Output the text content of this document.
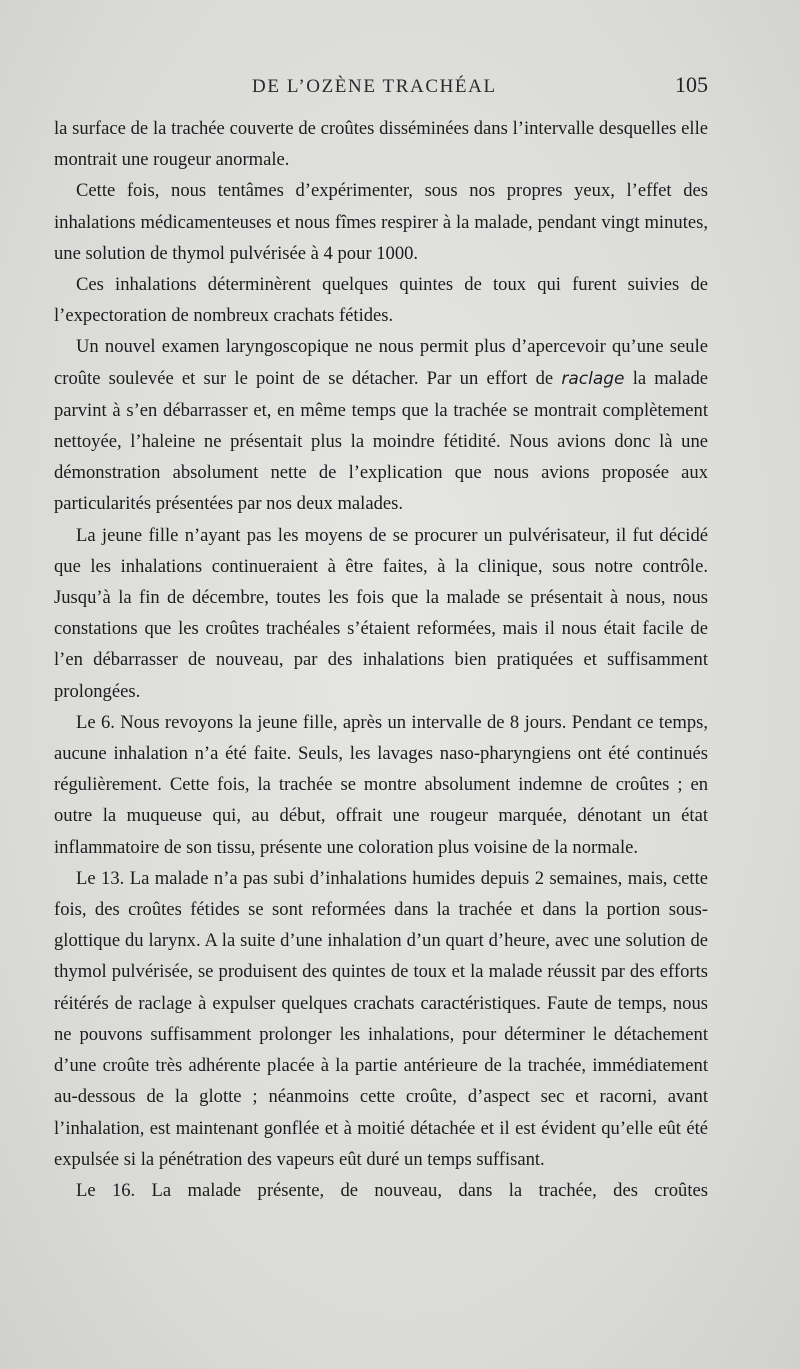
DE L’OZÈNE TRACHÉAL	105

la surface de la trachée couverte de croûtes disséminées dans l’intervalle desquelles elle montrait une rougeur anormale.

Cette fois, nous tentâmes d’expérimenter, sous nos propres yeux, l’effet des inhalations médicamenteuses et nous fîmes respirer à la malade, pendant vingt minutes, une solution de thymol pulvérisée à 4 pour 1000.

Ces inhalations déterminèrent quelques quintes de toux qui furent suivies de l’expectoration de nombreux crachats fétides.

Un nouvel examen laryngoscopique ne nous permit plus d’apercevoir qu’une seule croûte soulevée et sur le point de se détacher. Par un effort de raclage la malade parvint à s’en débarrasser et, en même temps que la trachée se montrait complètement nettoyée, l’haleine ne présentait plus la moindre fétidité. Nous avions donc là une démonstration absolument nette de l’explication que nous avions proposée aux particularités présentées par nos deux malades.

La jeune fille n’ayant pas les moyens de se procurer un pulvérisateur, il fut décidé que les inhalations continueraient à être faites, à la clinique, sous notre contrôle. Jusqu’à la fin de décembre, toutes les fois que la malade se présentait à nous, nous constations que les croûtes trachéales s’étaient reformées, mais il nous était facile de l’en débarrasser de nouveau, par des inhalations bien pratiquées et suffisamment prolongées.

Le 6. Nous revoyons la jeune fille, après un intervalle de 8 jours. Pendant ce temps, aucune inhalation n’a été faite. Seuls, les lavages naso-pharyngiens ont été continués régulièrement. Cette fois, la trachée se montre absolument indemne de croûtes ; en outre la muqueuse qui, au début, offrait une rougeur marquée, dénotant un état inflammatoire de son tissu, présente une coloration plus voisine de la normale.

Le 13. La malade n’a pas subi d’inhalations humides depuis 2 semaines, mais, cette fois, des croûtes fétides se sont reformées dans la trachée et dans la portion sous-glottique du larynx. A la suite d’une inhalation d’un quart d’heure, avec une solution de thymol pulvérisée, se produisent des quintes de toux et la malade réussit par des efforts réitérés de raclage à expulser quelques crachats caractéristiques. Faute de temps, nous ne pouvons suffisamment prolonger les inhalations, pour déterminer le détachement d’une croûte très adhérente placée à la partie antérieure de la trachée, immédiatement au-dessous de la glotte ; néanmoins cette croûte, d’aspect sec et racorni, avant l’inhalation, est maintenant gonflée et à moitié détachée et il est évident qu’elle eût été expulsée si la pénétration des vapeurs eût duré un temps suffisant.

Le 16. La malade présente, de nouveau, dans la trachée, des croûtes
